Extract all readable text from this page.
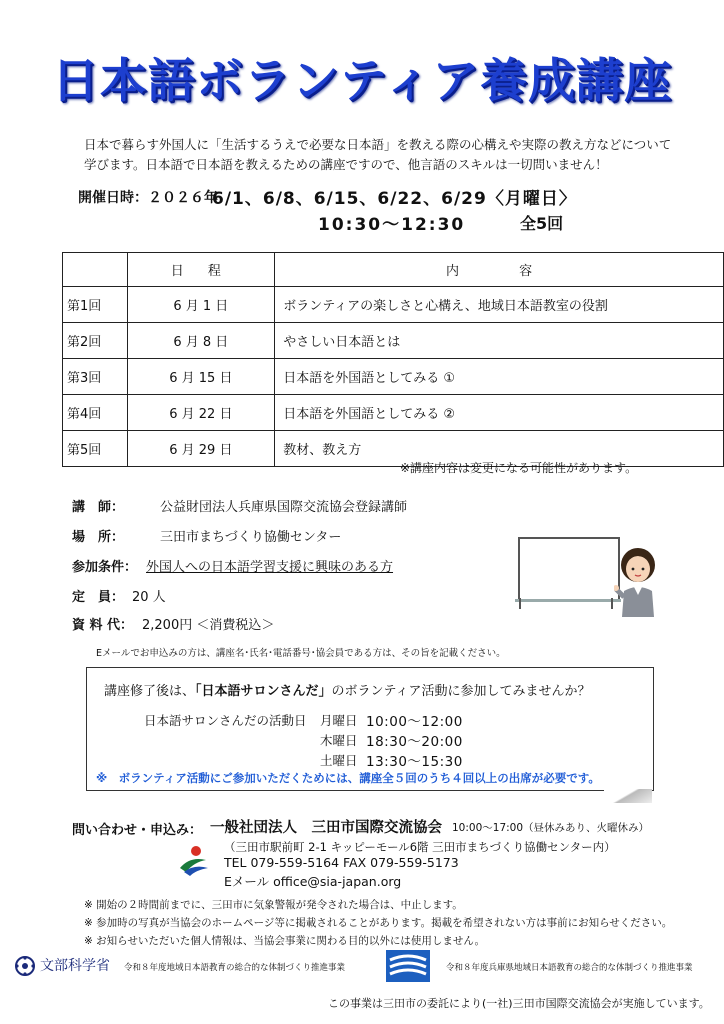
日本語ボランティア養成講座
日本で暮らす外国人に「生活するうえで必要な日本語」を教える際の心構えや実際の教え方などについて
学びます。日本語で日本語を教えるための講座ですので、他言語のスキルは一切問いません！
開催日時：２０２６年
6/1、6/8、6/15、6/22、6/29〈月曜日〉
10:30～12:30	全5回
	日 程	内 容
第1回	6 月 1 日	ボランティアの楽しさと心構え、地域日本語教室の役割
第2回	6 月 8 日	やさしい日本語とは
第3回	6 月 15 日	日本語を外国語としてみる ①
第4回	6 月 22 日	日本語を外国語としてみる ②
第5回	6 月 29 日	教材、教え方
※講座内容は変更になる可能性があります。
講　師：	公益財団法人兵庫県国際交流協会登録講師
場　所：	三田市まちづくり協働センター
参加条件： 外国人への日本語学習支援に興味のある方
定　員： 20 人
資 料 代： 2,200円 ＜消費税込＞
Eメールでお申込みの方は、講座名･氏名･電話番号･協会員である方は、その旨を記載ください。
講座修了後は、「日本語サロンさんだ」のボランティア活動に参加してみませんか？
日本語サロンさんだの活動日 月曜日 10:00～12:00
木曜日 18:30～20:00
土曜日 13:30～15:30
※　ボランティア活動にご参加いただくためには、講座全５回のうち４回以上の出席が必要です。
問い合わせ・申込み： 一般社団法人　三田市国際交流協会 10:00～17:00（昼休みあり、火曜休み）
（三田市駅前町 2-1 キッピーモール6階 三田市まちづくり協働センター内）
TEL 079-559-5164 FAX 079-559-5173
Eメール office@sia-japan.org
※ 開始の２時間前までに、三田市に気象警報が発令された場合は、中止します。
※ 参加時の写真が当協会のホームページ等に掲載されることがあります。掲載を希望されない方は事前にお知らせください。
※ お知らせいただいた個人情報は、当協会事業に関わる目的以外には使用しません。
文部科学省 令和８年度地域日本語教育の総合的な体制づくり推進事業	令和８年度兵庫県地域日本語教育の総合的な体制づくり推進事業
この事業は三田市の委託により(一社)三田市国際交流協会が実施しています。
